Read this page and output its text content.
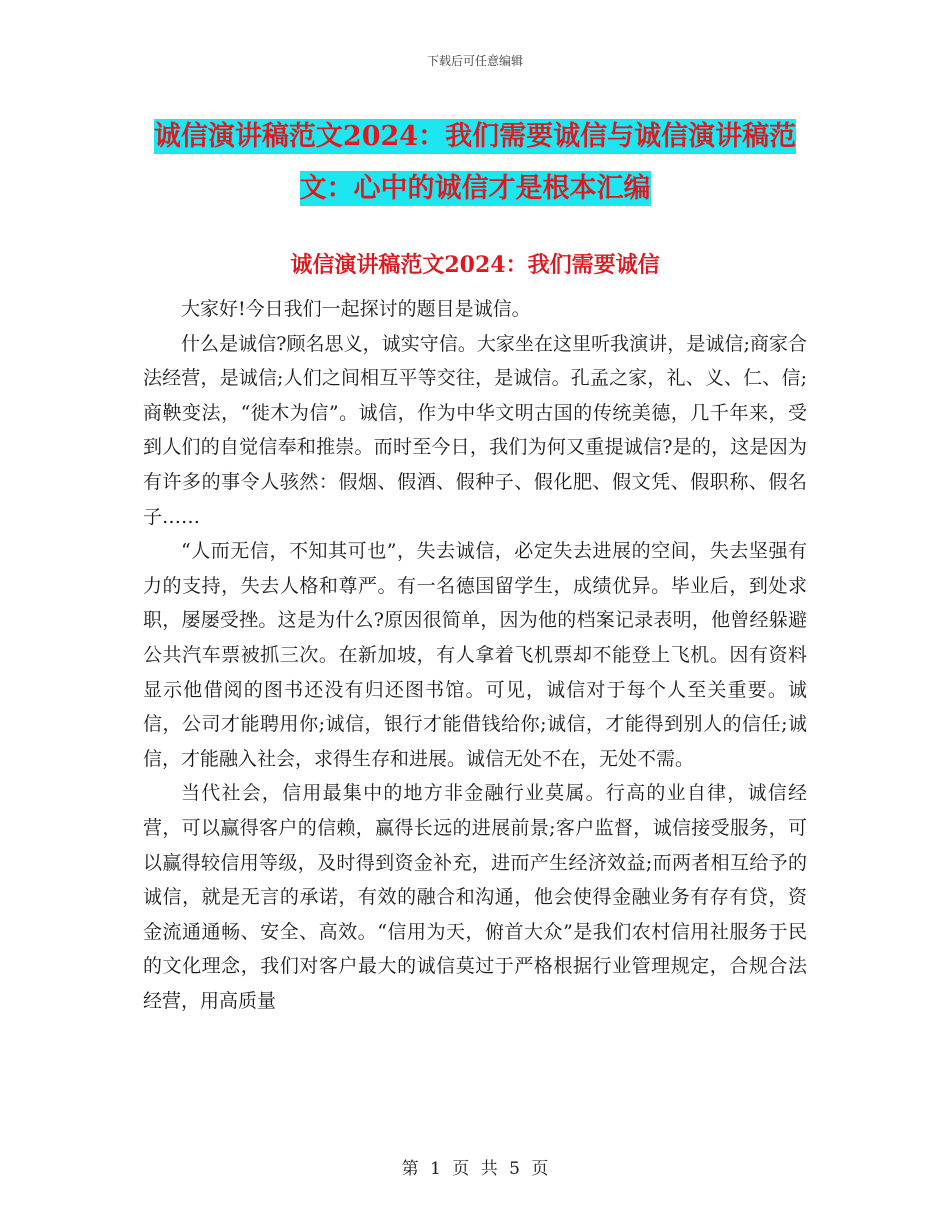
下载后可任意编辑
诚信演讲稿范文2024：我们需要诚信与诚信演讲稿范
文：心中的诚信才是根本汇编
诚信演讲稿范文2024：我们需要诚信

大家好!今日我们一起探讨的题目是诚信。

什么是诚信?顾名思义，诚实守信。大家坐在这里听我演讲，是诚信;商家合法经营，是诚信;人们之间相互平等交往，是诚信。孔孟之家，礼、义、仁、信;商鞅变法，“徙木为信”。诚信，作为中华文明古国的传统美德，几千年来，受到人们的自觉信奉和推崇。而时至今日，我们为何又重提诚信?是的，这是因为有许多的事令人骇然：假烟、假酒、假种子、假化肥、假文凭、假职称、假名子……

“人而无信，不知其可也”，失去诚信，必定失去进展的空间，失去坚强有力的支持，失去人格和尊严。有一名德国留学生，成绩优异。毕业后，到处求职，屡屡受挫。这是为什么?原因很简单，因为他的档案记录表明，他曾经躲避公共汽车票被抓三次。在新加坡，有人拿着飞机票却不能登上飞机。因有资料显示他借阅的图书还没有归还图书馆。可见，诚信对于每个人至关重要。诚信，公司才能聘用你;诚信，银行才能借钱给你;诚信，才能得到别人的信任;诚信，才能融入社会，求得生存和进展。诚信无处不在，无处不需。

当代社会，信用最集中的地方非金融行业莫属。行高的业自律，诚信经营，可以赢得客户的信赖，赢得长远的进展前景;客户监督，诚信接受服务，可以赢得较信用等级，及时得到资金补充，进而产生经济效益;而两者相互给予的诚信，就是无言的承诺，有效的融合和沟通，他会使得金融业务有存有贷，资金流通通畅、安全、高效。“信用为天，俯首大众”是我们农村信用社服务于民的文化理念，我们对客户最大的诚信莫过于严格根据行业管理规定，合规合法经营，用高质量

第 1 页 共 5 页
